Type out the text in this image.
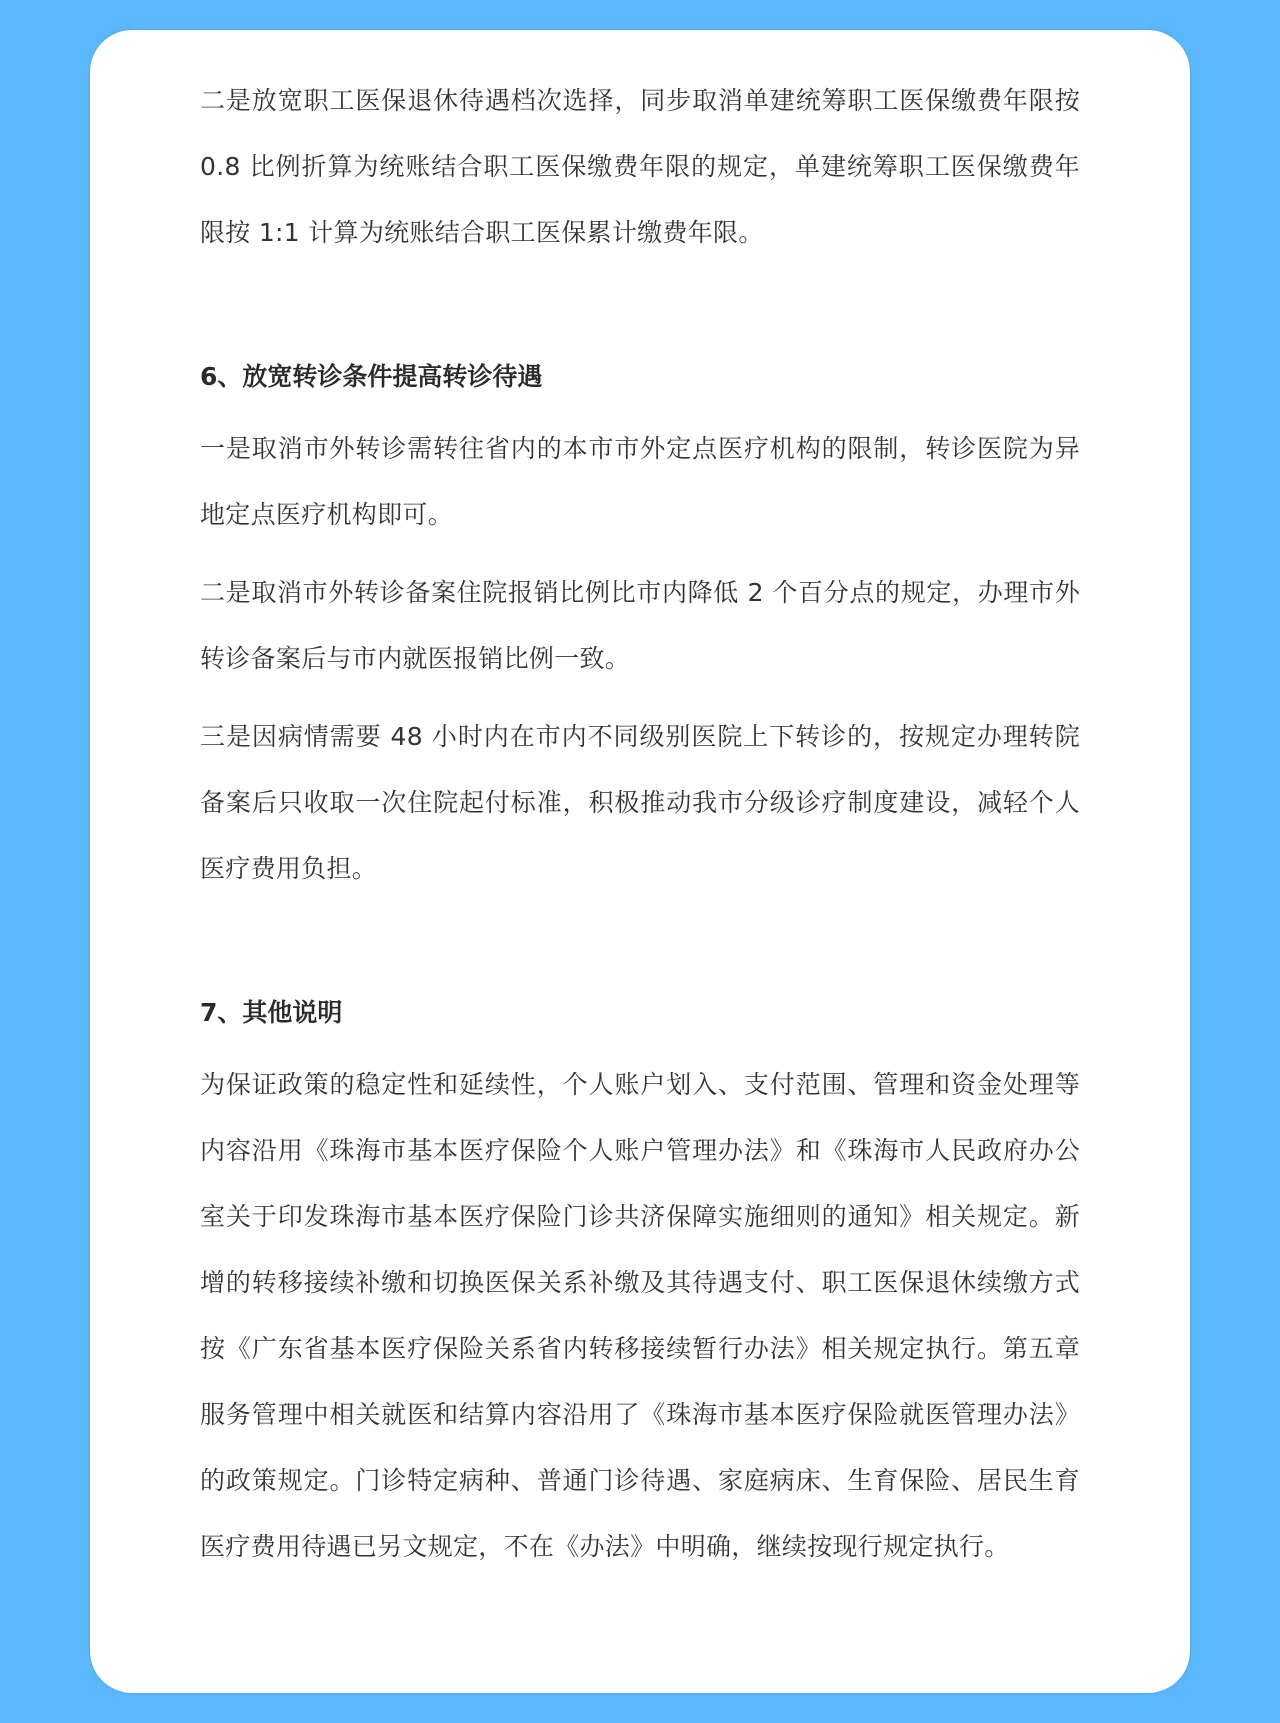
二是放宽职工医保退休待遇档次选择，同步取消单建统筹职工医保缴费年限按 0.8 比例折算为统账结合职工医保缴费年限的规定，单建统筹职工医保缴费年限按 1:1 计算为统账结合职工医保累计缴费年限。

6、放宽转诊条件提高转诊待遇

一是取消市外转诊需转往省内的本市市外定点医疗机构的限制，转诊医院为异地定点医疗机构即可。

二是取消市外转诊备案住院报销比例比市内降低 2 个百分点的规定，办理市外转诊备案后与市内就医报销比例一致。

三是因病情需要 48 小时内在市内不同级别医院上下转诊的，按规定办理转院备案后只收取一次住院起付标准，积极推动我市分级诊疗制度建设，减轻个人医疗费用负担。

7、其他说明

为保证政策的稳定性和延续性，个人账户划入、支付范围、管理和资金处理等内容沿用《珠海市基本医疗保险个人账户管理办法》和《珠海市人民政府办公室关于印发珠海市基本医疗保险门诊共济保障实施细则的通知》相关规定。新增的转移接续补缴和切换医保关系补缴及其待遇支付、职工医保退休续缴方式按《广东省基本医疗保险关系省内转移接续暂行办法》相关规定执行。第五章服务管理中相关就医和结算内容沿用了《珠海市基本医疗保险就医管理办法》的政策规定。门诊特定病种、普通门诊待遇、家庭病床、生育保险、居民生育医疗费用待遇已另文规定，不在《办法》中明确，继续按现行规定执行。
